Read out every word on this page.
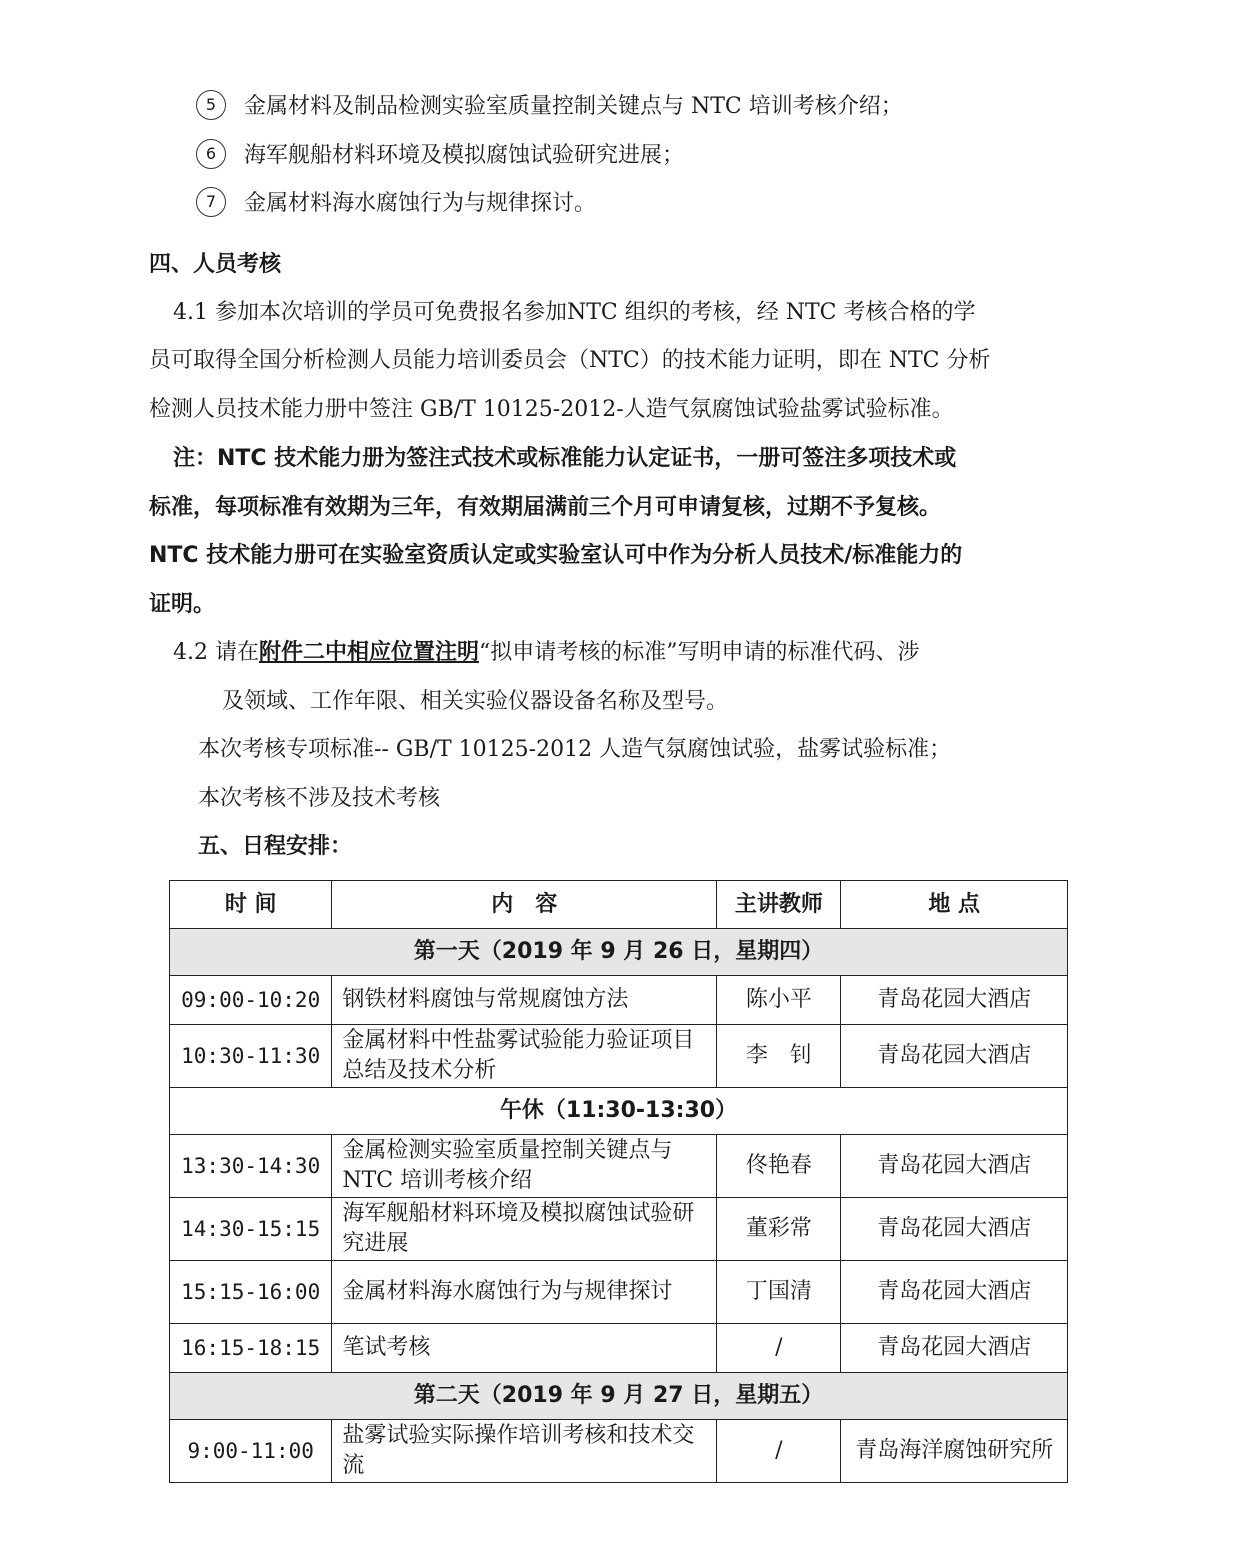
5 金属材料及制品检测实验室质量控制关键点与 NTC 培训考核介绍；
6 海军舰船材料环境及模拟腐蚀试验研究进展；
7 金属材料海水腐蚀行为与规律探讨。
四、人员考核
4.1 参加本次培训的学员可免费报名参加NTC 组织的考核，经 NTC 考核合格的学
员可取得全国分析检测人员能力培训委员会（NTC）的技术能力证明，即在 NTC 分析
检测人员技术能力册中签注 GB/T 10125-2012-人造气氛腐蚀试验盐雾试验标准。
注：NTC 技术能力册为签注式技术或标准能力认定证书，一册可签注多项技术或
标准，每项标准有效期为三年，有效期届满前三个月可申请复核，过期不予复核。
NTC 技术能力册可在实验室资质认定或实验室认可中作为分析人员技术/标准能力的
证明。
4.2 请在附件二中相应位置注明“拟申请考核的标准”写明申请的标准代码、涉
及领域、工作年限、相关实验仪器设备名称及型号。
本次考核专项标准-- GB/T 10125-2012 人造气氛腐蚀试验，盐雾试验标准；
本次考核不涉及技术考核
五、日程安排：
时 间	内　容	主讲教师	地 点
第一天（2019 年 9 月 26 日，星期四）			
09:00-10:20	钢铁材料腐蚀与常规腐蚀方法	陈小平	青岛花园大酒店
10:30-11:30	金属材料中性盐雾试验能力验证项目总结及技术分析	李　钊	青岛花园大酒店
午休（11:30-13:30）			
13:30-14:30	金属检测实验室质量控制关键点与 NTC 培训考核介绍	佟艳春	青岛花园大酒店
14:30-15:15	海军舰船材料环境及模拟腐蚀试验研究进展	董彩常	青岛花园大酒店
15:15-16:00	金属材料海水腐蚀行为与规律探讨	丁国清	青岛花园大酒店
16:15-18:15	笔试考核	/	青岛花园大酒店
第二天（2019 年 9 月 27 日，星期五）			
9:00-11:00	盐雾试验实际操作培训考核和技术交流	/	青岛海洋腐蚀研究所
